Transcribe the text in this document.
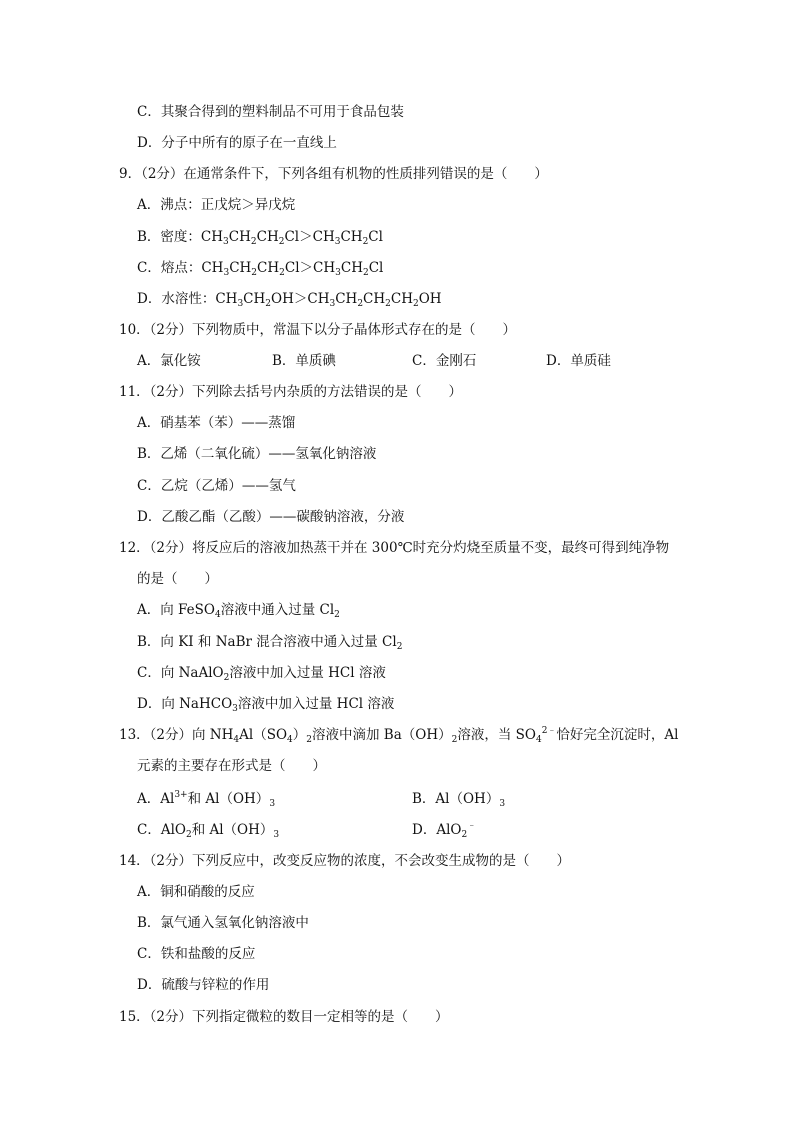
C．其聚合得到的塑料制品不可用于食品包装
D．分子中所有的原子在一直线上
9．（2分）在通常条件下，下列各组有机物的性质排列错误的是（　　）
A．沸点：正戊烷＞异戊烷
B．密度：$CH_3CH_2CH_2Cl>CH_3CH_2Cl$
C．熔点：$CH_3CH_2CH_2Cl>CH_3CH_2Cl$
D．水溶性：$CH_3CH_2OH>CH_3CH_2CH_2CH_2OH$
10．（2分）下列物质中，常温下以分子晶体形式存在的是（　　）
A．氯化铵	B．单质碘	C．金刚石	D．单质硅
11．（2分）下列除去括号内杂质的方法错误的是（　　）
A．硝基苯（苯）——蒸馏
B．乙烯（二氧化硫）——氢氧化钠溶液
C．乙烷（乙烯）——氢气
D．乙酸乙酯（乙酸）——碳酸钠溶液，分液
12．（2分）将反应后的溶液加热蒸干并在 300℃时充分灼烧至质量不变，最终可得到纯净物
的是（　　）
A．向 FeSO$_4$溶液中通入过量 $Cl_2$
B．向 KI 和 NaBr 混合溶液中通入过量 $Cl_2$
C．向 NaAlO$_2$溶液中加入过量 HCl 溶液
D．向 NaHCO$_3$溶液中加入过量 HCl 溶液
13．（2分）向 $NH_4Al(SO_4)_2$溶液中滴加 $Ba(OH)_2$溶液，当 $SO_4^{2﹣}$恰好完全沉淀时，Al
元素的主要存在形式是（　　）
A．$Al^{3+}$和 $Al(OH)_3$	B．$Al(OH)_3$
C．AlO$_2$和 $Al(OH)_3$	D．AlO$_2$﹣
14．（2分）下列反应中，改变反应物的浓度，不会改变生成物的是（　　）
A．铜和硝酸的反应
B．氯气通入氢氧化钠溶液中
C．铁和盐酸的反应
D．硫酸与锌粒的作用
15．（2分）下列指定微粒的数目一定相等的是（　　）
